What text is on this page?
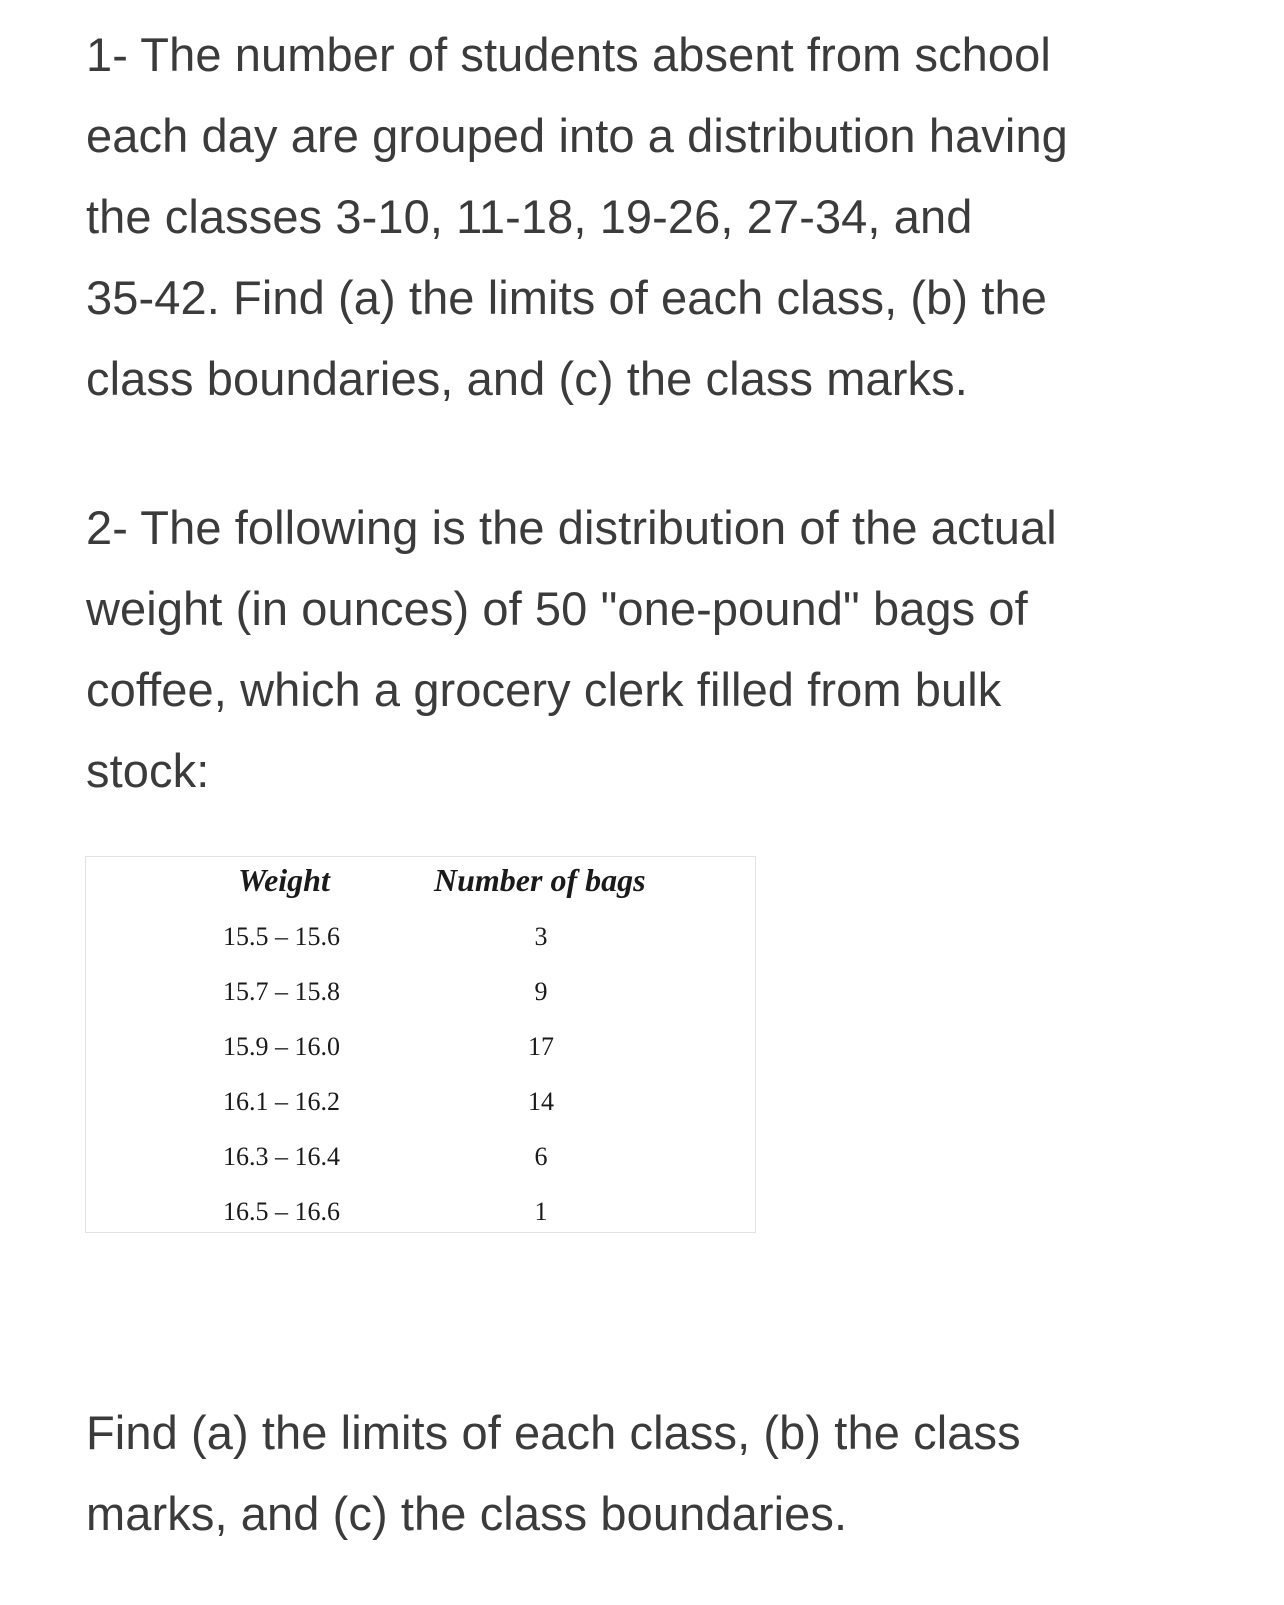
1- The number of students absent from school
each day are grouped into a distribution having
the classes 3-10, 11-18, 19-26, 27-34, and
35-42. Find (a) the limits of each class, (b) the
class boundaries, and (c) the class marks.
2- The following is the distribution of the actual
weight (in ounces) of 50 "one-pound" bags of
coffee, which a grocery clerk filled from bulk
stock:
Weight	Number of bags
15.5 – 15.6	3
15.7 – 15.8	9
15.9 – 16.0	17
16.1 – 16.2	14
16.3 – 16.4	6
16.5 – 16.6	1
Find (a) the limits of each class, (b) the class
marks, and (c) the class boundaries.
